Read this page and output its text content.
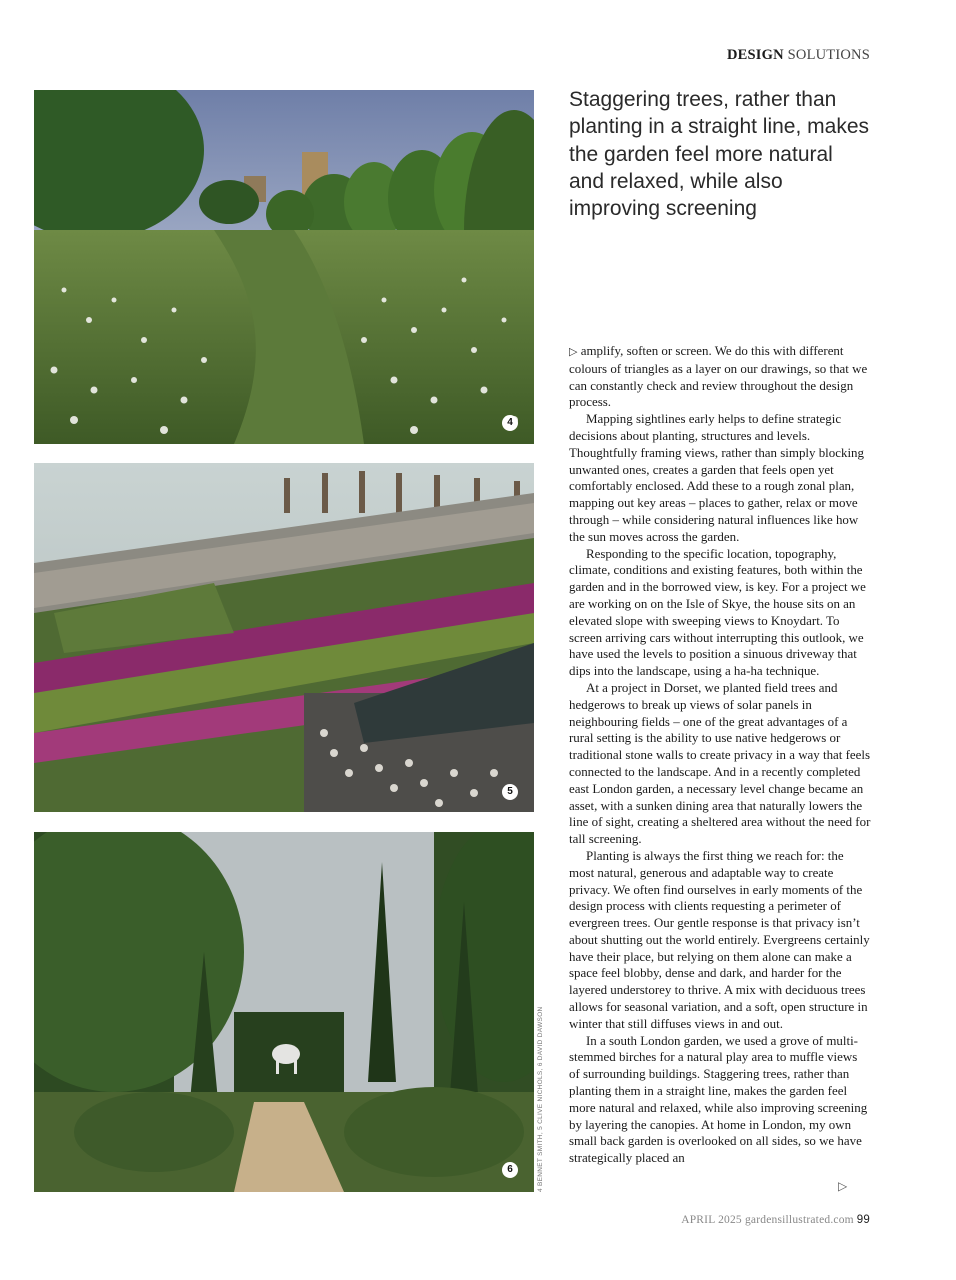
DESIGN SOLUTIONS
4
5
6	4 BENNET SMITH, 5 CLIVE NICHOLS, 6 DAVID DAWSON
Staggering trees, rather than planting in a straight line, makes the garden feel more natural and relaxed, while also improving screening

▷ amplify, soften or screen. We do this with different colours of triangles as a layer on our drawings, so that we can constantly check and review throughout the design process.

Mapping sightlines early helps to define strategic decisions about planting, structures and levels. Thoughtfully framing views, rather than simply blocking unwanted ones, creates a garden that feels open yet comfortably enclosed. Add these to a rough zonal plan, mapping out key areas – places to gather, relax or move through – while considering natural influences like how the sun moves across the garden.

Responding to the specific location, topography, climate, conditions and existing features, both within the garden and in the borrowed view, is key. For a project we are working on on the Isle of Skye, the house sits on an elevated slope with sweeping views to Knoydart. To screen arriving cars without interrupting this outlook, we have used the levels to position a sinuous driveway that dips into the landscape, using a ha-ha technique.

At a project in Dorset, we planted field trees and hedgerows to break up views of solar panels in neighbouring fields – one of the great advantages of a rural setting is the ability to use native hedgerows or traditional stone walls to create privacy in a way that feels connected to the landscape. And in a recently completed east London garden, a necessary level change became an asset, with a sunken dining area that naturally lowers the line of sight, creating a sheltered area without the need for tall screening.

Planting is always the first thing we reach for: the most natural, generous and adaptable way to create privacy. We often find ourselves in early moments of the design process with clients requesting a perimeter of evergreen trees. Our gentle response is that privacy isn’t about shutting out the world entirely. Evergreens certainly have their place, but relying on them alone can make a space feel blobby, dense and dark, and harder for the layered understorey to thrive. A mix with deciduous trees allows for seasonal variation, and a soft, open structure in winter that still diffuses views in and out.

In a south London garden, we used a grove of multi-stemmed birches for a natural play area to muffle views of surrounding buildings. Staggering trees, rather than planting them in a straight line, makes the garden feel more natural and relaxed, while also improving screening by layering the canopies. At home in London, my own small back garden is overlooked on all sides, so we have strategically placed an

▷
APRIL 2025 gardensillustrated.com 99
